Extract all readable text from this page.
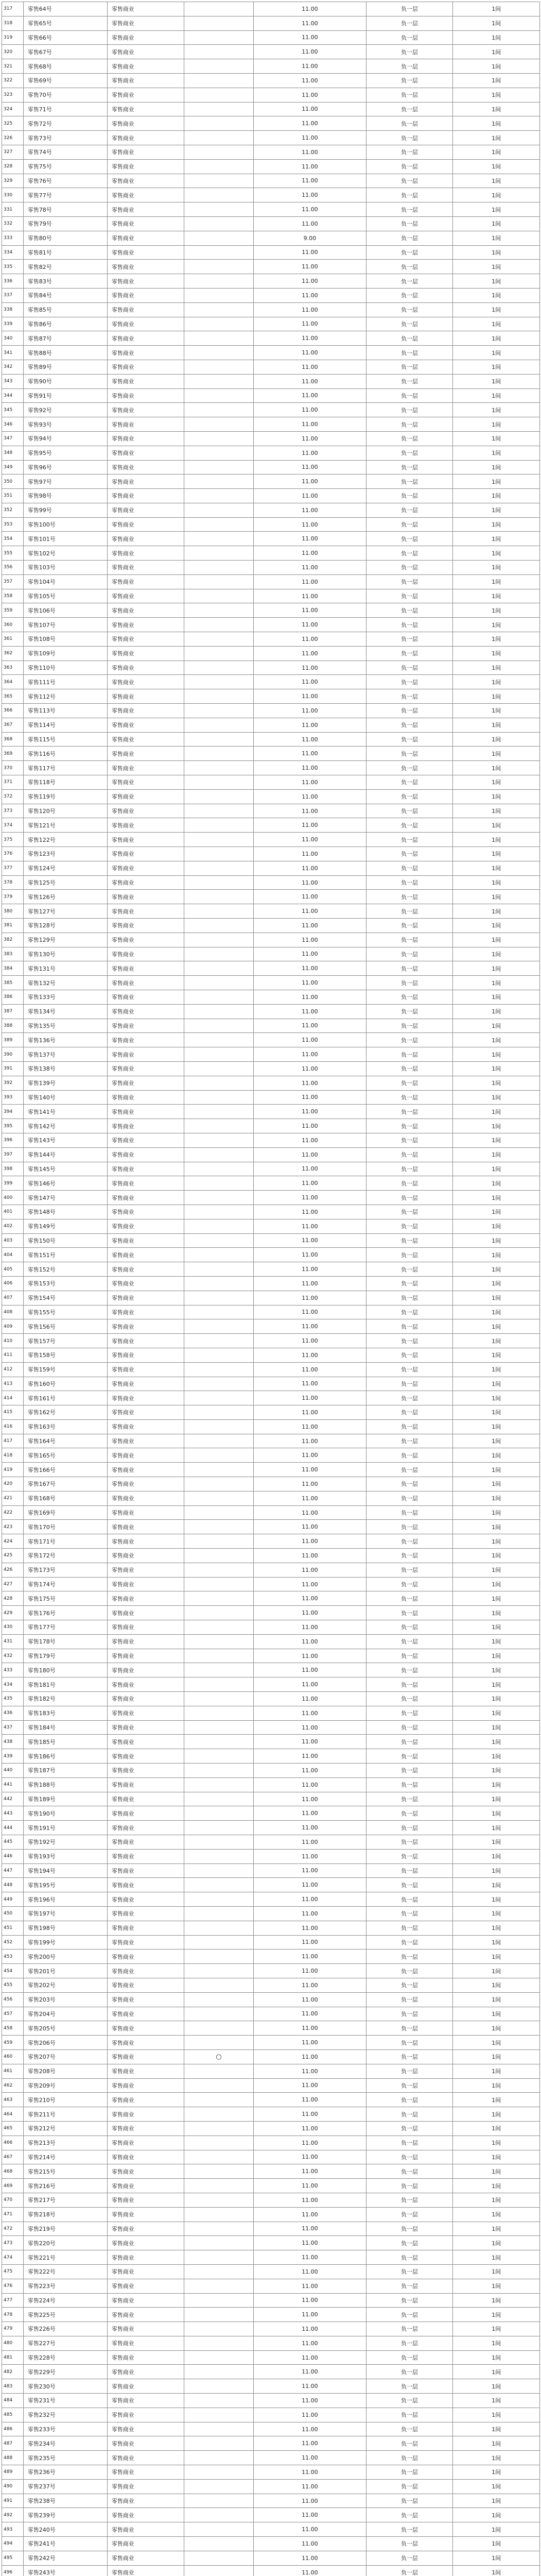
317	零售64号	零售商业		11.00	负一层	1间
318	零售65号	零售商业		11.00	负一层	1间
319	零售66号	零售商业		11.00	负一层	1间
320	零售67号	零售商业		11.00	负一层	1间
321	零售68号	零售商业		11.00	负一层	1间
322	零售69号	零售商业		11.00	负一层	1间
323	零售70号	零售商业		11.00	负一层	1间
324	零售71号	零售商业		11.00	负一层	1间
325	零售72号	零售商业		11.00	负一层	1间
326	零售73号	零售商业		11.00	负一层	1间
327	零售74号	零售商业		11.00	负一层	1间
328	零售75号	零售商业		11.00	负一层	1间
329	零售76号	零售商业		11.00	负一层	1间
330	零售77号	零售商业		11.00	负一层	1间
331	零售78号	零售商业		11.00	负一层	1间
332	零售79号	零售商业		11.00	负一层	1间
333	零售80号	零售商业		9.00	负一层	1间
334	零售81号	零售商业		11.00	负一层	1间
335	零售82号	零售商业		11.00	负一层	1间
336	零售83号	零售商业		11.00	负一层	1间
337	零售84号	零售商业		11.00	负一层	1间
338	零售85号	零售商业		11.00	负一层	1间
339	零售86号	零售商业		11.00	负一层	1间
340	零售87号	零售商业		11.00	负一层	1间
341	零售88号	零售商业		11.00	负一层	1间
342	零售89号	零售商业		11.00	负一层	1间
343	零售90号	零售商业		11.00	负一层	1间
344	零售91号	零售商业		11.00	负一层	1间
345	零售92号	零售商业		11.00	负一层	1间
346	零售93号	零售商业		11.00	负一层	1间
347	零售94号	零售商业		11.00	负一层	1间
348	零售95号	零售商业		11.00	负一层	1间
349	零售96号	零售商业		11.00	负一层	1间
350	零售97号	零售商业		11.00	负一层	1间
351	零售98号	零售商业		11.00	负一层	1间
352	零售99号	零售商业		11.00	负一层	1间
353	零售100号	零售商业		11.00	负一层	1间
354	零售101号	零售商业		11.00	负一层	1间
355	零售102号	零售商业		11.00	负一层	1间
356	零售103号	零售商业		11.00	负一层	1间
357	零售104号	零售商业		11.00	负一层	1间
358	零售105号	零售商业		11.00	负一层	1间
359	零售106号	零售商业		11.00	负一层	1间
360	零售107号	零售商业		11.00	负一层	1间
361	零售108号	零售商业		11.00	负一层	1间
362	零售109号	零售商业		11.00	负一层	1间
363	零售110号	零售商业		11.00	负一层	1间
364	零售111号	零售商业		11.00	负一层	1间
365	零售112号	零售商业		11.00	负一层	1间
366	零售113号	零售商业		11.00	负一层	1间
367	零售114号	零售商业		11.00	负一层	1间
368	零售115号	零售商业		11.00	负一层	1间
369	零售116号	零售商业		11.00	负一层	1间
370	零售117号	零售商业		11.00	负一层	1间
371	零售118号	零售商业		11.00	负一层	1间
372	零售119号	零售商业		11.00	负一层	1间
373	零售120号	零售商业		11.00	负一层	1间
374	零售121号	零售商业		11.00	负一层	1间
375	零售122号	零售商业		11.00	负一层	1间
376	零售123号	零售商业		11.00	负一层	1间
377	零售124号	零售商业		11.00	负一层	1间
378	零售125号	零售商业		11.00	负一层	1间
379	零售126号	零售商业		11.00	负一层	1间
380	零售127号	零售商业		11.00	负一层	1间
381	零售128号	零售商业		11.00	负一层	1间
382	零售129号	零售商业		11.00	负一层	1间
383	零售130号	零售商业		11.00	负一层	1间
384	零售131号	零售商业		11.00	负一层	1间
385	零售132号	零售商业		11.00	负一层	1间
386	零售133号	零售商业		11.00	负一层	1间
387	零售134号	零售商业		11.00	负一层	1间
388	零售135号	零售商业		11.00	负一层	1间
389	零售136号	零售商业		11.00	负一层	1间
390	零售137号	零售商业		11.00	负一层	1间
391	零售138号	零售商业		11.00	负一层	1间
392	零售139号	零售商业		11.00	负一层	1间
393	零售140号	零售商业		11.00	负一层	1间
394	零售141号	零售商业		11.00	负一层	1间
395	零售142号	零售商业		11.00	负一层	1间
396	零售143号	零售商业		11.00	负一层	1间
397	零售144号	零售商业		11.00	负一层	1间
398	零售145号	零售商业		11.00	负一层	1间
399	零售146号	零售商业		11.00	负一层	1间
400	零售147号	零售商业		11.00	负一层	1间
401	零售148号	零售商业		11.00	负一层	1间
402	零售149号	零售商业		11.00	负一层	1间
403	零售150号	零售商业		11.00	负一层	1间
404	零售151号	零售商业		11.00	负一层	1间
405	零售152号	零售商业		11.00	负一层	1间
406	零售153号	零售商业		11.00	负一层	1间
407	零售154号	零售商业		11.00	负一层	1间
408	零售155号	零售商业		11.00	负一层	1间
409	零售156号	零售商业		11.00	负一层	1间
410	零售157号	零售商业		11.00	负一层	1间
411	零售158号	零售商业		11.00	负一层	1间
412	零售159号	零售商业		11.00	负一层	1间
413	零售160号	零售商业		11.00	负一层	1间
414	零售161号	零售商业		11.00	负一层	1间
415	零售162号	零售商业		11.00	负一层	1间
416	零售163号	零售商业		11.00	负一层	1间
417	零售164号	零售商业		11.00	负一层	1间
418	零售165号	零售商业		11.00	负一层	1间
419	零售166号	零售商业		11.00	负一层	1间
420	零售167号	零售商业		11.00	负一层	1间
421	零售168号	零售商业		11.00	负一层	1间
422	零售169号	零售商业		11.00	负一层	1间
423	零售170号	零售商业		11.00	负一层	1间
424	零售171号	零售商业		11.00	负一层	1间
425	零售172号	零售商业		11.00	负一层	1间
426	零售173号	零售商业		11.00	负一层	1间
427	零售174号	零售商业		11.00	负一层	1间
428	零售175号	零售商业		11.00	负一层	1间
429	零售176号	零售商业		11.00	负一层	1间
430	零售177号	零售商业		11.00	负一层	1间
431	零售178号	零售商业		11.00	负一层	1间
432	零售179号	零售商业		11.00	负一层	1间
433	零售180号	零售商业		11.00	负一层	1间
434	零售181号	零售商业		11.00	负一层	1间
435	零售182号	零售商业		11.00	负一层	1间
436	零售183号	零售商业		11.00	负一层	1间
437	零售184号	零售商业		11.00	负一层	1间
438	零售185号	零售商业		11.00	负一层	1间
439	零售186号	零售商业		11.00	负一层	1间
440	零售187号	零售商业		11.00	负一层	1间
441	零售188号	零售商业		11.00	负一层	1间
442	零售189号	零售商业		11.00	负一层	1间
443	零售190号	零售商业		11.00	负一层	1间
444	零售191号	零售商业		11.00	负一层	1间
445	零售192号	零售商业		11.00	负一层	1间
446	零售193号	零售商业		11.00	负一层	1间
447	零售194号	零售商业		11.00	负一层	1间
448	零售195号	零售商业		11.00	负一层	1间
449	零售196号	零售商业		11.00	负一层	1间
450	零售197号	零售商业		11.00	负一层	1间
451	零售198号	零售商业		11.00	负一层	1间
452	零售199号	零售商业		11.00	负一层	1间
453	零售200号	零售商业		11.00	负一层	1间
454	零售201号	零售商业		11.00	负一层	1间
455	零售202号	零售商业		11.00	负一层	1间
456	零售203号	零售商业		11.00	负一层	1间
457	零售204号	零售商业		11.00	负一层	1间
458	零售205号	零售商业		11.00	负一层	1间
459	零售206号	零售商业		11.00	负一层	1间
460	零售207号	零售商业	○	11.00	负一层	1间
461	零售208号	零售商业		11.00	负一层	1间
462	零售209号	零售商业		11.00	负一层	1间
463	零售210号	零售商业		11.00	负一层	1间
464	零售211号	零售商业		11.00	负一层	1间
465	零售212号	零售商业		11.00	负一层	1间
466	零售213号	零售商业		11.00	负一层	1间
467	零售214号	零售商业		11.00	负一层	1间
468	零售215号	零售商业		11.00	负一层	1间
469	零售216号	零售商业		11.00	负一层	1间
470	零售217号	零售商业		11.00	负一层	1间
471	零售218号	零售商业		11.00	负一层	1间
472	零售219号	零售商业		11.00	负一层	1间
473	零售220号	零售商业		11.00	负一层	1间
474	零售221号	零售商业		11.00	负一层	1间
475	零售222号	零售商业		11.00	负一层	1间
476	零售223号	零售商业		11.00	负一层	1间
477	零售224号	零售商业		11.00	负一层	1间
478	零售225号	零售商业		11.00	负一层	1间
479	零售226号	零售商业		11.00	负一层	1间
480	零售227号	零售商业		11.00	负一层	1间
481	零售228号	零售商业		11.00	负一层	1间
482	零售229号	零售商业		11.00	负一层	1间
483	零售230号	零售商业		11.00	负一层	1间
484	零售231号	零售商业		11.00	负一层	1间
485	零售232号	零售商业		11.00	负一层	1间
486	零售233号	零售商业		11.00	负一层	1间
487	零售234号	零售商业		11.00	负一层	1间
488	零售235号	零售商业		11.00	负一层	1间
489	零售236号	零售商业		11.00	负一层	1间
490	零售237号	零售商业		11.00	负一层	1间
491	零售238号	零售商业		11.00	负一层	1间
492	零售239号	零售商业		11.00	负一层	1间
493	零售240号	零售商业		11.00	负一层	1间
494	零售241号	零售商业		11.00	负一层	1间
495	零售242号	零售商业		11.00	负一层	1间
496	零售243号	零售商业		11.00	负一层	1间
